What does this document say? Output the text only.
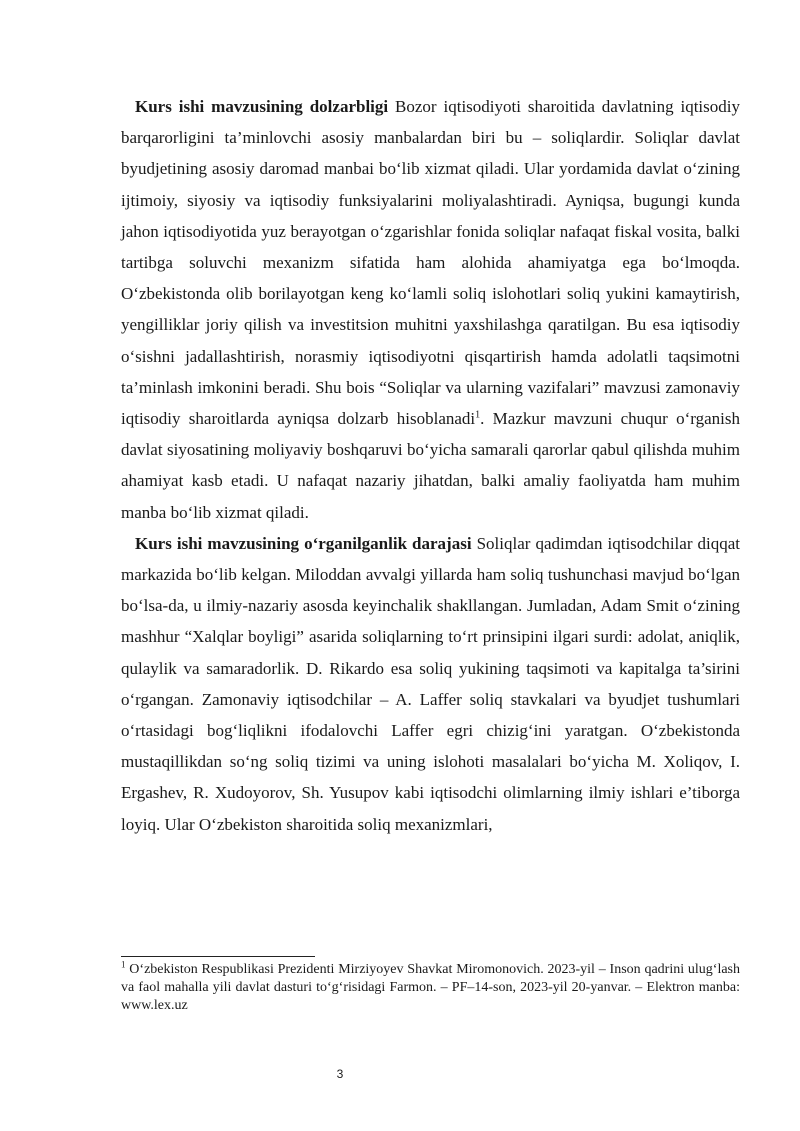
Kurs ishi mavzusining dolzarbligi Bozor iqtisodiyoti sharoitida davlatning iqtisodiy barqarorligini ta’minlovchi asosiy manbalardan biri bu – soliqlardir. Soliqlar davlat byudjetining asosiy daromad manbai bo‘lib xizmat qiladi. Ular yordamida davlat o‘zining ijtimoiy, siyosiy va iqtisodiy funksiyalarini moliyalashtiradi. Ayniqsa, bugungi kunda jahon iqtisodiyotida yuz berayotgan o‘zgarishlar fonida soliqlar nafaqat fiskal vosita, balki tartibga soluvchi mexanizm sifatida ham alohida ahamiyatga ega bo‘lmoqda. O‘zbekistonda olib borilayotgan keng ko‘lamli soliq islohotlari soliq yukini kamaytirish, yengilliklar joriy qilish va investitsion muhitni yaxshilashga qaratilgan. Bu esa iqtisodiy o‘sishni jadallashtirish, norasmiy iqtisodiyotni qisqartirish hamda adolatli taqsimotni ta’minlash imkonini beradi. Shu bois “Soliqlar va ularning vazifalari” mavzusi zamonaviy iqtisodiy sharoitlarda ayniqsa dolzarb hisoblanadi$^1$. Mazkur mavzuni chuqur o‘rganish davlat siyosatining moliyaviy boshqaruvi bo‘yicha samarali qarorlar qabul qilishda muhim ahamiyat kasb etadi. U nafaqat nazariy jihatdan, balki amaliy faoliyatda ham muhim manba bo‘lib xizmat qiladi.

Kurs ishi mavzusining o‘rganilganlik darajasi Soliqlar qadimdan iqtisodchilar diqqat markazida bo‘lib kelgan. Miloddan avvalgi yillarda ham soliq tushunchasi mavjud bo‘lgan bo‘lsa-da, u ilmiy-nazariy asosda keyinchalik shakllangan. Jumladan, Adam Smit o‘zining mashhur “Xalqlar boyligi” asarida soliqlarning to‘rt prinsipini ilgari surdi: adolat, aniqlik, qulaylik va samaradorlik. D. Rikardo esa soliq yukining taqsimoti va kapitalga ta’sirini o‘rgangan. Zamonaviy iqtisodchilar – A. Laffer soliq stavkalari va byudjet tushumlari o‘rtasidagi bog‘liqlikni ifodalovchi Laffer egri chizig‘ini yaratgan. O‘zbekistonda mustaqillikdan so‘ng soliq tizimi va uning islohoti masalalari bo‘yicha M. Xoliqov, I. Ergashev, R. Xudoyorov, Sh. Yusupov kabi iqtisodchi olimlarning ilmiy ishlari e’tiborga loyiq. Ular O‘zbekiston sharoitida soliq mexanizmlari,

$^1$ O‘zbekiston Respublikasi Prezidenti Mirziyoyev Shavkat Miromonovich. 2023-yil – Inson qadrini ulug‘lash va faol mahalla yili davlat dasturi to‘g‘risidagi Farmon. – PF–14-son, 2023-yil 20-yanvar. – Elektron manba: www.lex.uz

3
